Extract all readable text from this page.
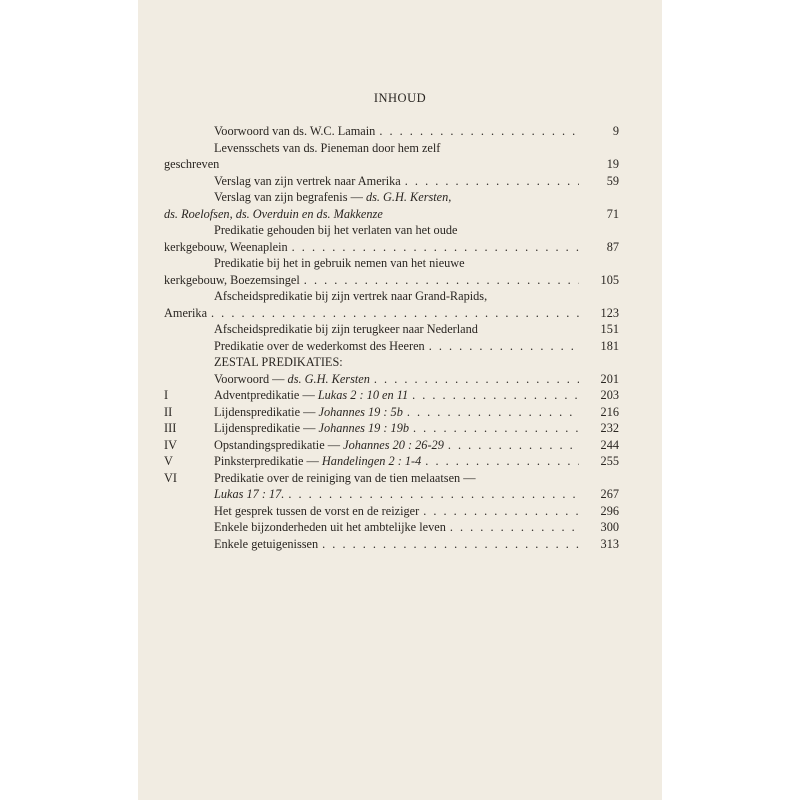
INHOUD
Voorwoord van ds. W.C. Lamain . . .	9
Levensschets van ds. Pieneman door hem zelf
geschreven	19
Verslag van zijn vertrek naar Amerika . . .	59
Verslag van zijn begrafenis — ds. G.H. Kersten,
ds. Roelofsen, ds. Overduin en ds. Makkenze	71
Predikatie gehouden bij het verlaten van het oude
kerkgebouw, Weenaplein . . .	87
Predikatie bij het in gebruik nemen van het nieuwe
kerkgebouw, Boezemsingel . . .	105
Afscheidspredikatie bij zijn vertrek naar Grand-Rapids,
Amerika . . .	123
Afscheidspredikatie bij zijn terugkeer naar Nederland	151
Predikatie over de wederkomst des Heeren . . .	181
ZESTAL PREDIKATIES:
Voorwoord — ds. G.H. Kersten . . .	201
I	Adventpredikatie — Lukas 2 : 10 en 11 . . .	203
II	Lijdenspredikatie — Johannes 19 : 5b . . .	216
III	Lijdenspredikatie — Johannes 19 : 19b . . .	232
IV	Opstandingspredikatie — Johannes 20 : 26-29 . . .	244
V	Pinksterpredikatie — Handelingen 2 : 1-4 . . .	255
VI	Predikatie over de reiniging van de tien melaatsen —
Lukas 17 : 17. . . .	267
Het gesprek tussen de vorst en de reiziger . . .	296
Enkele bijzonderheden uit het ambtelijke leven . . .	300
Enkele getuigenissen . . .	313
